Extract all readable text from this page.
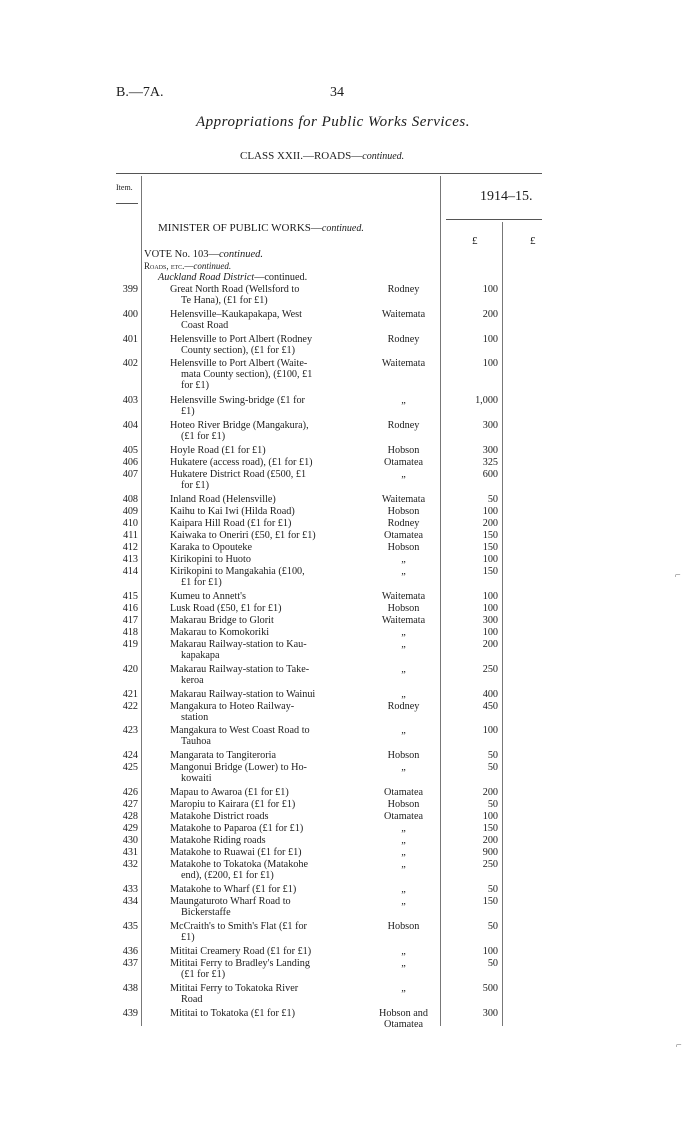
B.—7A.	34
Appropriations for Public Works Services.
CLASS XXII.—ROADS—continued.
Item.
1914–15.
£	£
MINISTER OF PUBLIC WORKS—continued.
VOTE No. 103—continued.
Roads, etc.—continued.
Auckland Road District—continued.
399	Great North Road (Wellsford to
Te Hana), (£1 for £1)
Rodney	100
400	Helensville–Kaukapakapa, West
Coast Road
Waitemata	200
401	Helensville to Port Albert (Rodney
County section), (£1 for £1)
Rodney	100
402	Helensville to Port Albert (Waite-
mata County section), (£100, £1
for £1)
Waitemata	100
403	Helensville Swing-bridge (£1 for
£1)
„	1,000
404	Hoteo River Bridge (Mangakura),
(£1 for £1)
Rodney	300
405	Hoyle Road (£1 for £1)	Hobson	300
406	Hukatere (access road), (£1 for £1)	Otamatea	325
407	Hukatere District Road (£500, £1
for £1)
„	600
408	Inland Road (Helensville)	Waitemata	50
409	Kaihu to Kai Iwi (Hilda Road)	Hobson	100
410	Kaipara Hill Road (£1 for £1)	Rodney	200
411	Kaiwaka to Oneriri (£50, £1 for £1)	Otamatea	150
412	Karaka to Opouteke	Hobson	150
413	Kirikopini to Huoto	„	100
414	Kirikopini to Mangakahia (£100,
£1 for £1)
„	150
415	Kumeu to Annett's	Waitemata	100
416	Lusk Road (£50, £1 for £1)	Hobson	100
417	Makarau Bridge to Glorit	Waitemata	300
418	Makarau to Komokoriki	„	100
419	Makarau Railway-station to Kau-
kapakapa
„	200
420	Makarau Railway-station to Take-
keroa
„	250
421	Makarau Railway-station to Wainui	„	400
422	Mangakura to Hoteo Railway-
station
Rodney	450
423	Mangakura to West Coast Road to
Tauhoa
„	100
424	Mangarata to Tangiteroria	Hobson	50
425	Mangonui Bridge (Lower) to Ho-
kowaiti
„	50
426	Mapau to Awaroa (£1 for £1)	Otamatea	200
427	Maropiu to Kairara (£1 for £1)	Hobson	50
428	Matakohe District roads	Otamatea	100
429	Matakohe to Paparoa (£1 for £1)	„	150
430	Matakohe Riding roads	„	200
431	Matakohe to Ruawai (£1 for £1)	„	900
432	Matakohe to Tokatoka (Matakohe
end), (£200, £1 for £1)
„	250
433	Matakohe to Wharf (£1 for £1)	„	50
434	Maungaturoto Wharf Road to
Bickerstaffe
„	150
435	McCraith's to Smith's Flat (£1 for
£1)
Hobson	50
436	Mititai Creamery Road (£1 for £1)	„	100
437	Mititai Ferry to Bradley's Landing
(£1 for £1)
„	50
438	Mititai Ferry to Tokatoka River
Road
„	500
439	Mititai to Tokatoka (£1 for £1)	Hobson and
Otamatea
300
⌐
⌐
